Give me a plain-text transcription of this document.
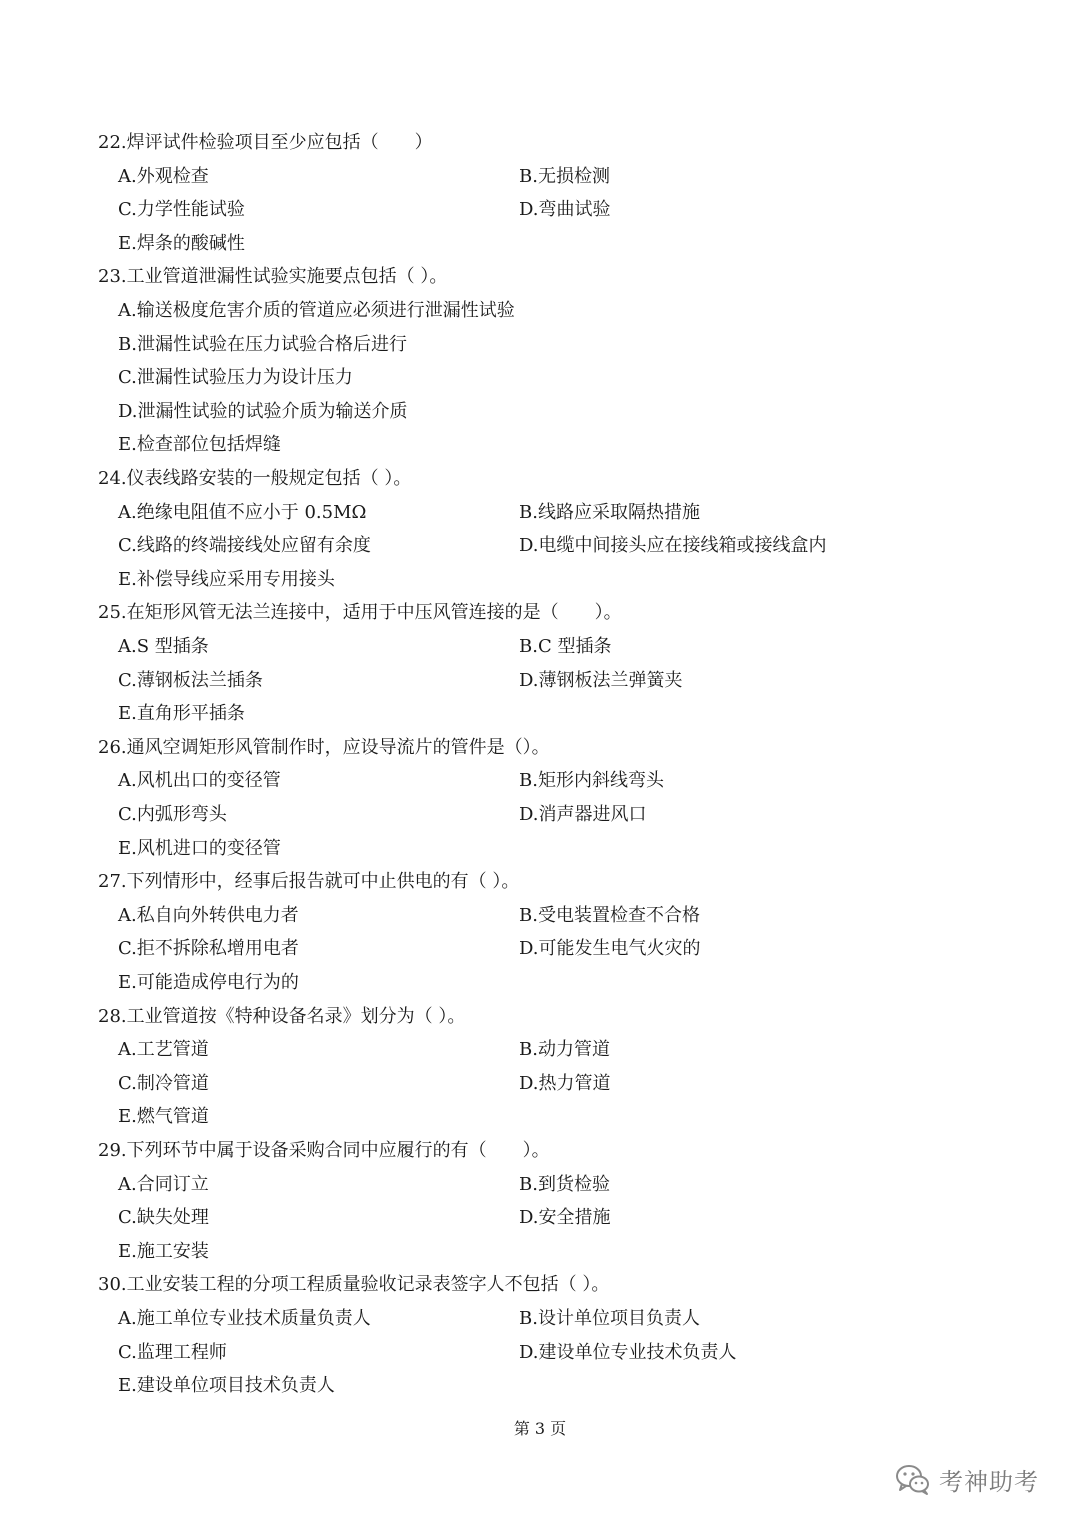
22.焊评试件检验项目至少应包括（　　）
A.外观检查	B.无损检测
C.力学性能试验	D.弯曲试验
E.焊条的酸碱性
23.工业管道泄漏性试验实施要点包括（ ）。
A.输送极度危害介质的管道应必须进行泄漏性试验
B.泄漏性试验在压力试验合格后进行
C.泄漏性试验压力为设计压力
D.泄漏性试验的试验介质为输送介质
E.检查部位包括焊缝
24.仪表线路安装的一般规定包括（ ）。
A.绝缘电阻值不应小于 0.5MΩ	B.线路应采取隔热措施
C.线路的终端接线处应留有余度	D.电缆中间接头应在接线箱或接线盒内
E.补偿导线应采用专用接头
25.在矩形风管无法兰连接中，适用于中压风管连接的是（　　）。
A.S 型插条	B.C 型插条
C.薄钢板法兰插条	D.薄钢板法兰弹簧夹
E.直角形平插条
26.通风空调矩形风管制作时，应设导流片的管件是（）。
A.风机出口的变径管	B.矩形内斜线弯头
C.内弧形弯头	D.消声器进风口
E.风机进口的变径管
27.下列情形中，经事后报告就可中止供电的有（ ）。
A.私自向外转供电力者	B.受电装置检查不合格
C.拒不拆除私增用电者	D.可能发生电气火灾的
E.可能造成停电行为的
28.工业管道按《特种设备名录》划分为（ ）。
A.工艺管道	B.动力管道
C.制冷管道	D.热力管道
E.燃气管道
29.下列环节中属于设备采购合同中应履行的有（　　）。
A.合同订立	B.到货检验
C.缺失处理	D.安全措施
E.施工安装
30.工业安装工程的分项工程质量验收记录表签字人不包括（ ）。
A.施工单位专业技术质量负责人	B.设计单位项目负责人
C.监理工程师	D.建设单位专业技术负责人
E.建设单位项目技术负责人
第 3 页
考神助考
